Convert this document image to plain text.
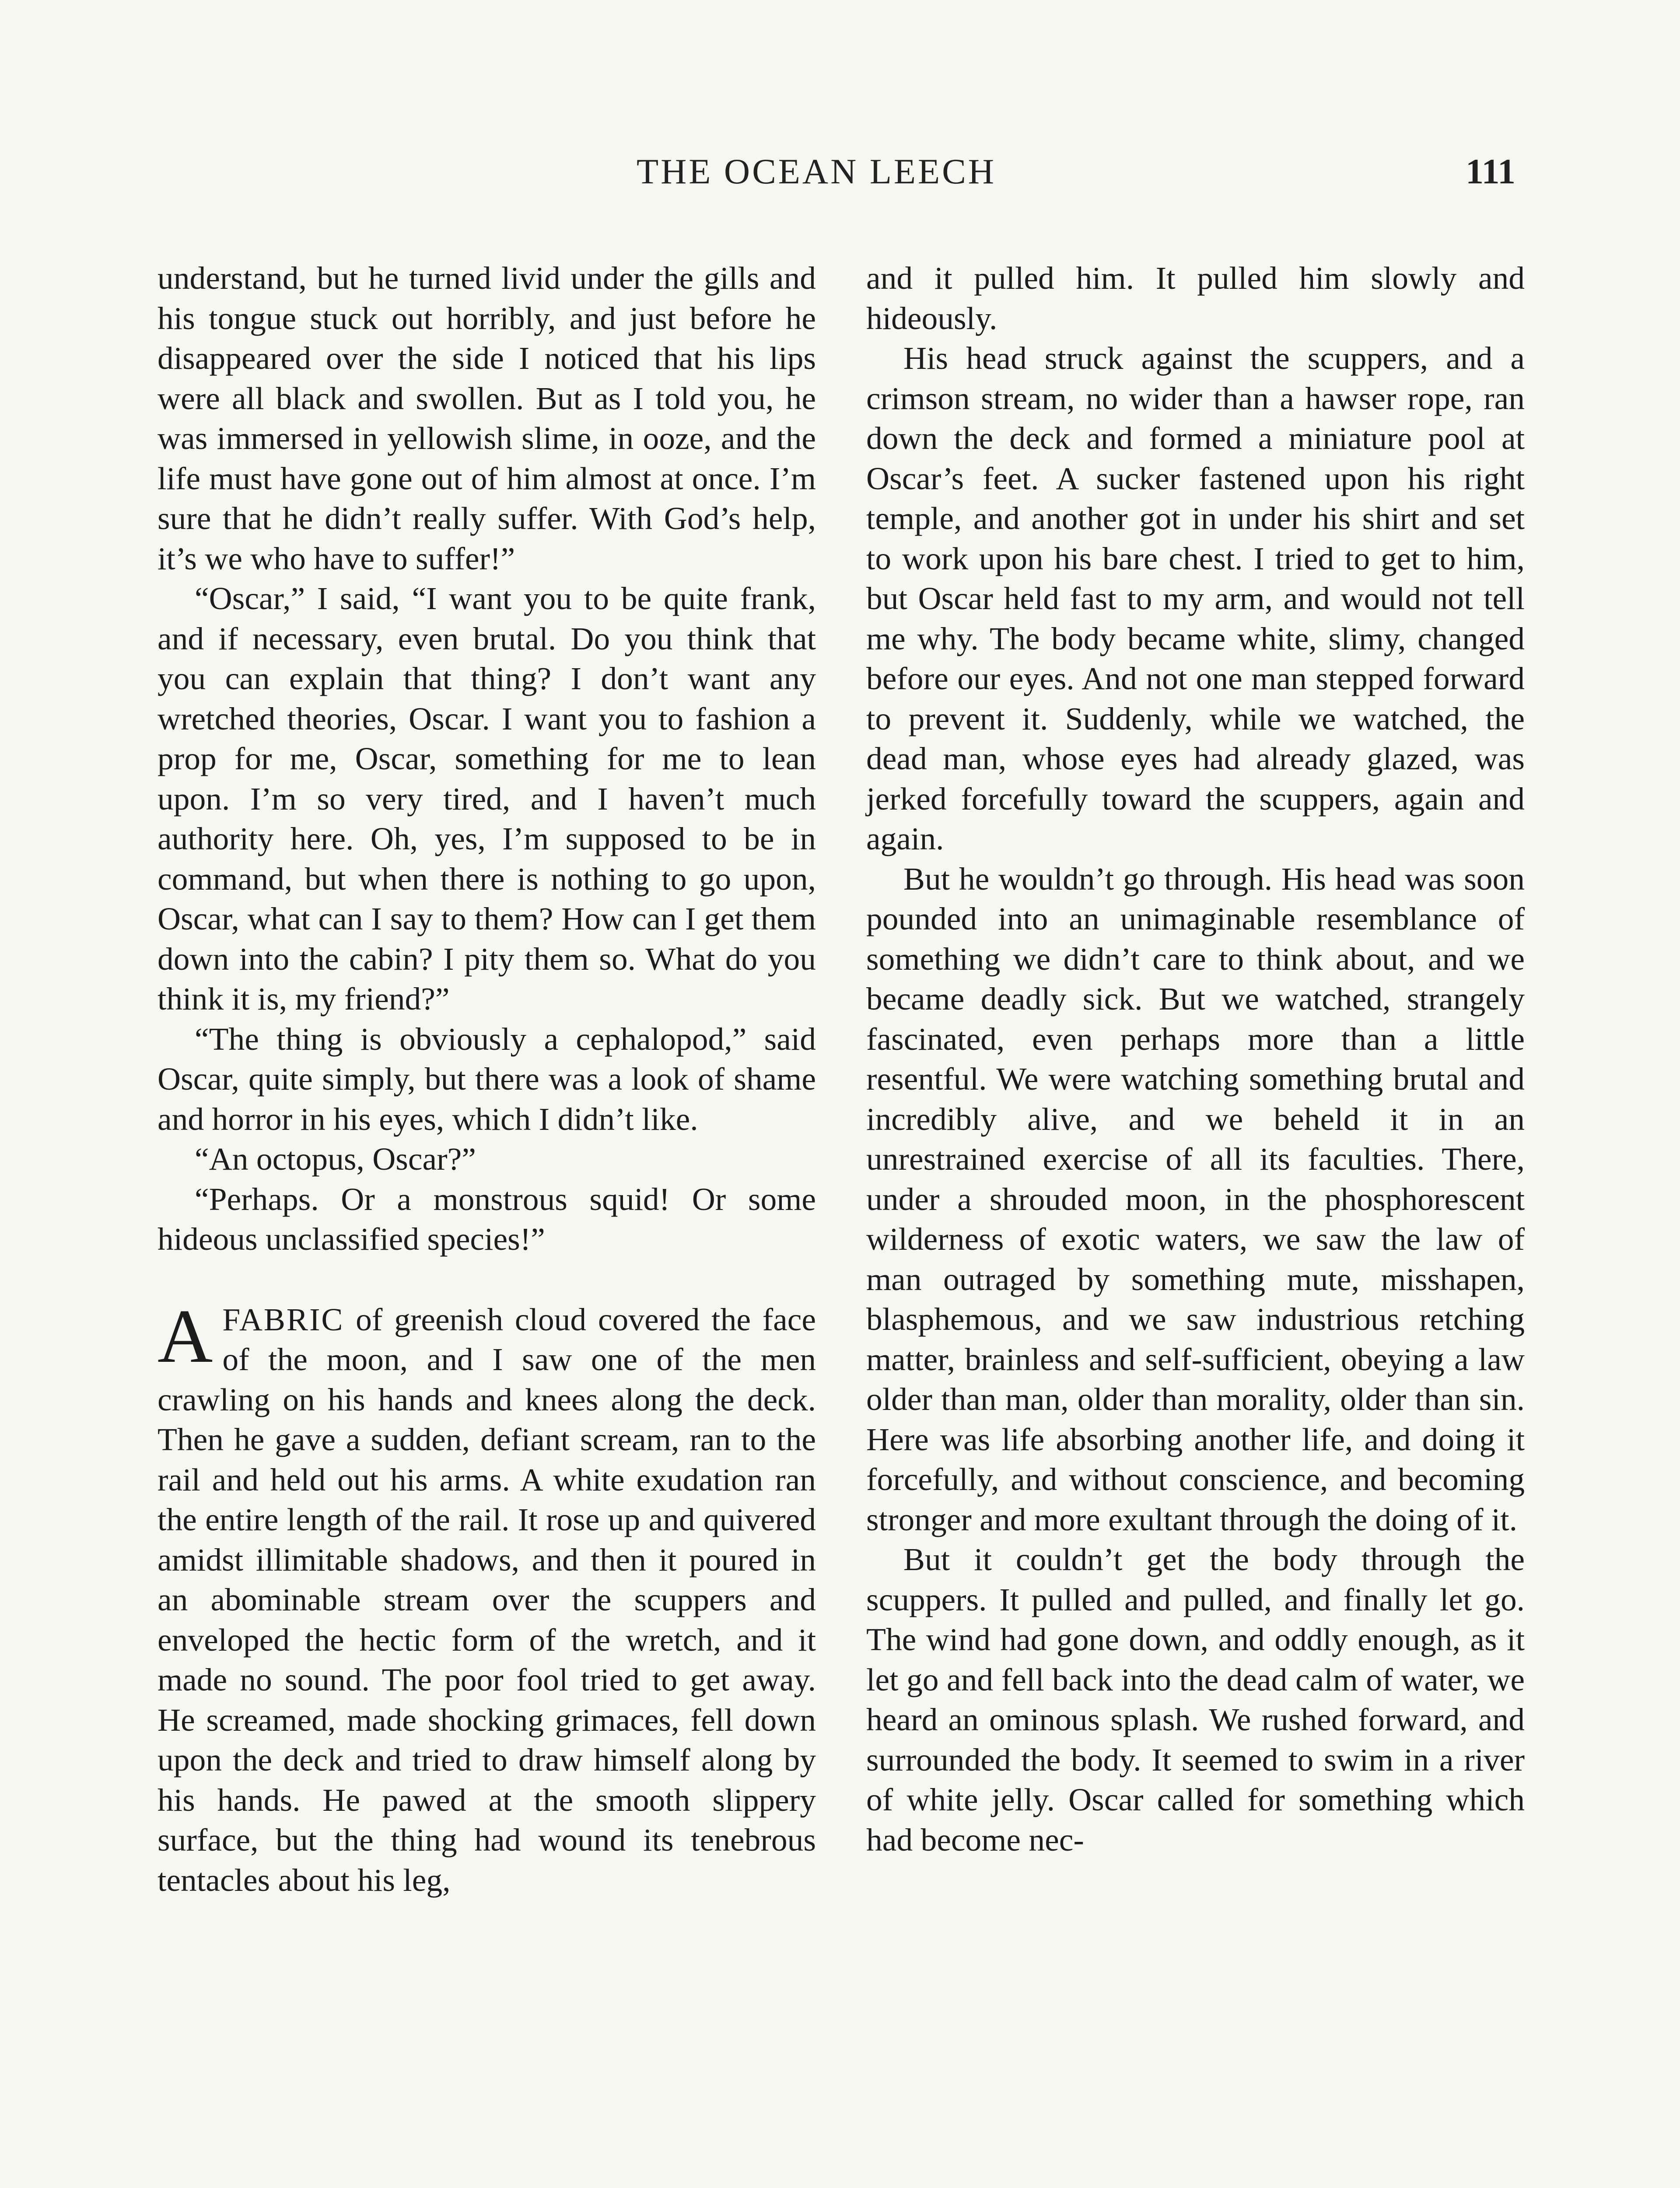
THE OCEAN LEECH	111

understand, but he turned livid under the gills and his tongue stuck out horribly, and just before he disappeared over the side I noticed that his lips were all black and swollen. But as I told you, he was immersed in yellowish slime, in ooze, and the life must have gone out of him almost at once. I’m sure that he didn’t really suffer. With God’s help, it’s we who have to suffer!”

“Oscar,” I said, “I want you to be quite frank, and if necessary, even brutal. Do you think that you can explain that thing? I don’t want any wretched theories, Oscar. I want you to fashion a prop for me, Oscar, something for me to lean upon. I’m so very tired, and I haven’t much authority here. Oh, yes, I’m supposed to be in command, but when there is nothing to go upon, Oscar, what can I say to them? How can I get them down into the cabin? I pity them so. What do you think it is, my friend?”

“The thing is obviously a cephalopod,” said Oscar, quite simply, but there was a look of shame and horror in his eyes, which I didn’t like.

“An octopus, Oscar?”

“Perhaps. Or a monstrous squid! Or some hideous unclassified species!”

AFABRIC of greenish cloud covered the face of the moon, and I saw one of the men crawling on his hands and knees along the deck. Then he gave a sudden, defiant scream, ran to the rail and held out his arms. A white exudation ran the entire length of the rail. It rose up and quivered amidst illimitable shadows, and then it poured in an abominable stream over the scuppers and enveloped the hectic form of the wretch, and it made no sound. The poor fool tried to get away. He screamed, made shocking grimaces, fell down upon the deck and tried to draw himself along by his hands. He pawed at the smooth slippery surface, but the thing had wound its tenebrous tentacles about his leg,

and it pulled him. It pulled him slowly and hideously.

His head struck against the scuppers, and a crimson stream, no wider than a hawser rope, ran down the deck and formed a miniature pool at Oscar’s feet. A sucker fastened upon his right temple, and another got in under his shirt and set to work upon his bare chest. I tried to get to him, but Oscar held fast to my arm, and would not tell me why. The body became white, slimy, changed before our eyes. And not one man stepped forward to prevent it. Suddenly, while we watched, the dead man, whose eyes had already glazed, was jerked forcefully toward the scuppers, again and again.

But he wouldn’t go through. His head was soon pounded into an unimaginable resemblance of something we didn’t care to think about, and we became deadly sick. But we watched, strangely fascinated, even perhaps more than a little resentful. We were watching something brutal and incredibly alive, and we beheld it in an unrestrained exercise of all its faculties. There, under a shrouded moon, in the phosphorescent wilderness of exotic waters, we saw the law of man outraged by something mute, misshapen, blasphemous, and we saw industrious retching matter, brainless and self-sufficient, obeying a law older than man, older than morality, older than sin. Here was life absorbing another life, and doing it forcefully, and without conscience, and becoming stronger and more exultant through the doing of it.

But it couldn’t get the body through the scuppers. It pulled and pulled, and finally let go. The wind had gone down, and oddly enough, as it let go and fell back into the dead calm of water, we heard an ominous splash. We rushed forward, and surrounded the body. It seemed to swim in a river of white jelly. Oscar called for something which had become nec-
